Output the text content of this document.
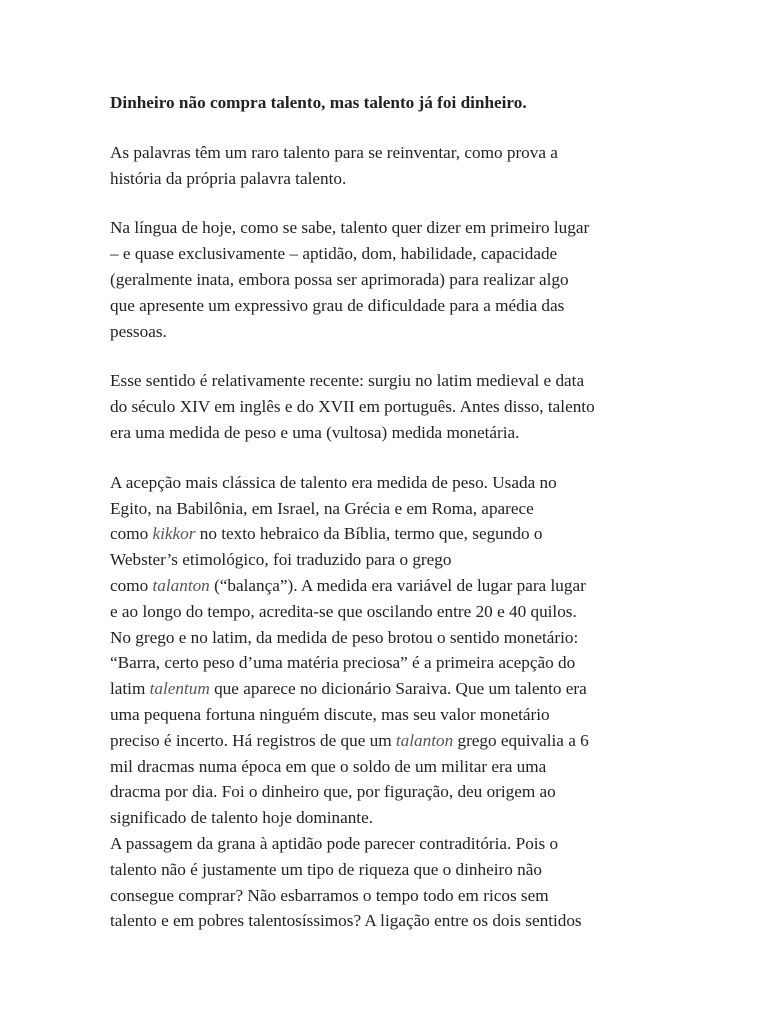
Dinheiro não compra talento, mas talento já foi dinheiro.

As palavras têm um raro talento para se reinventar, como prova a
história da própria palavra talento.

Na língua de hoje, como se sabe, talento quer dizer em primeiro lugar
– e quase exclusivamente – aptidão, dom, habilidade, capacidade
(geralmente inata, embora possa ser aprimorada) para realizar algo
que apresente um expressivo grau de dificuldade para a média das
pessoas.

Esse sentido é relativamente recente: surgiu no latim medieval e data
do século XIV em inglês e do XVII em português. Antes disso, talento
era uma medida de peso e uma (vultosa) medida monetária.

A acepção mais clássica de talento era medida de peso. Usada no
Egito, na Babilônia, em Israel, na Grécia e em Roma, aparece
como kikkor no texto hebraico da Bíblia, termo que, segundo o
Webster’s etimológico, foi traduzido para o grego
como talanton (“balança”). A medida era variável de lugar para lugar
e ao longo do tempo, acredita-se que oscilando entre 20 e 40 quilos.
No grego e no latim, da medida de peso brotou o sentido monetário:
“Barra, certo peso d’uma matéria preciosa” é a primeira acepção do
latim talentum que aparece no dicionário Saraiva. Que um talento era
uma pequena fortuna ninguém discute, mas seu valor monetário
preciso é incerto. Há registros de que um talanton grego equivalia a 6
mil dracmas numa época em que o soldo de um militar era uma
dracma por dia. Foi o dinheiro que, por figuração, deu origem ao
significado de talento hoje dominante.

A passagem da grana à aptidão pode parecer contraditória. Pois o
talento não é justamente um tipo de riqueza que o dinheiro não
consegue comprar? Não esbarramos o tempo todo em ricos sem
talento e em pobres talentosíssimos? A ligação entre os dois sentidos
